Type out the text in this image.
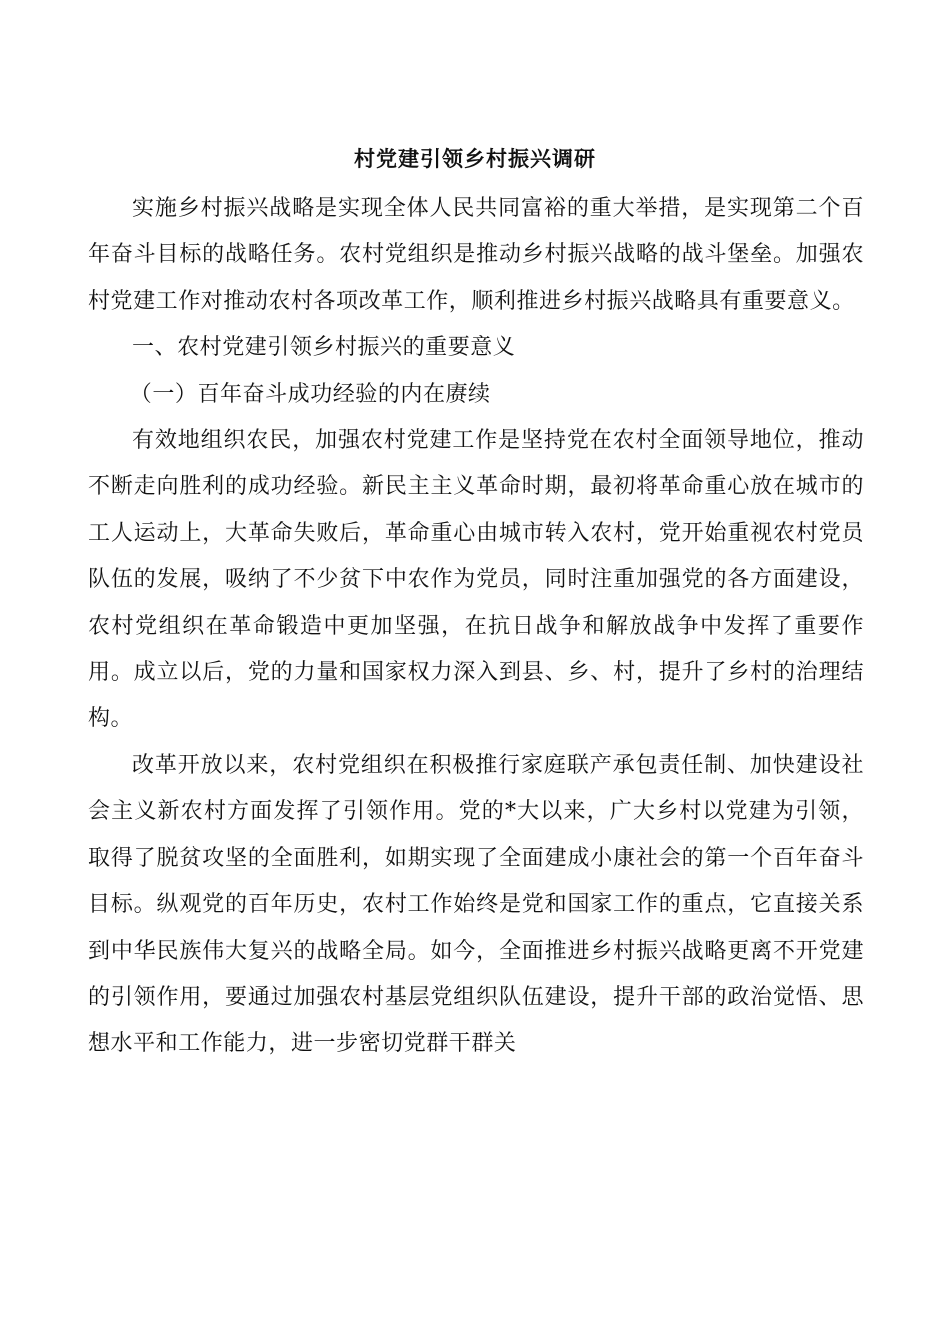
村党建引领乡村振兴调研

实施乡村振兴战略是实现全体人民共同富裕的重大举措，是实现第二个百年奋斗目标的战略任务。农村党组织是推动乡村振兴战略的战斗堡垒。加强农村党建工作对推动农村各项改革工作，顺利推进乡村振兴战略具有重要意义。

一、农村党建引领乡村振兴的重要意义

（一）百年奋斗成功经验的内在赓续

有效地组织农民，加强农村党建工作是坚持党在农村全面领导地位，推动不断走向胜利的成功经验。新民主主义革命时期，最初将革命重心放在城市的工人运动上，大革命失败后，革命重心由城市转入农村，党开始重视农村党员队伍的发展，吸纳了不少贫下中农作为党员，同时注重加强党的各方面建设，农村党组织在革命锻造中更加坚强，在抗日战争和解放战争中发挥了重要作用。成立以后，党的力量和国家权力深入到县、乡、村，提升了乡村的治理结构。

改革开放以来，农村党组织在积极推行家庭联产承包责任制、加快建设社会主义新农村方面发挥了引领作用。党的*大以来，广大乡村以党建为引领，取得了脱贫攻坚的全面胜利，如期实现了全面建成小康社会的第一个百年奋斗目标。纵观党的百年历史，农村工作始终是党和国家工作的重点，它直接关系到中华民族伟大复兴的战略全局。如今，全面推进乡村振兴战略更离不开党建的引领作用，要通过加强农村基层党组织队伍建设，提升干部的政治觉悟、思想水平和工作能力，进一步密切党群干群关
